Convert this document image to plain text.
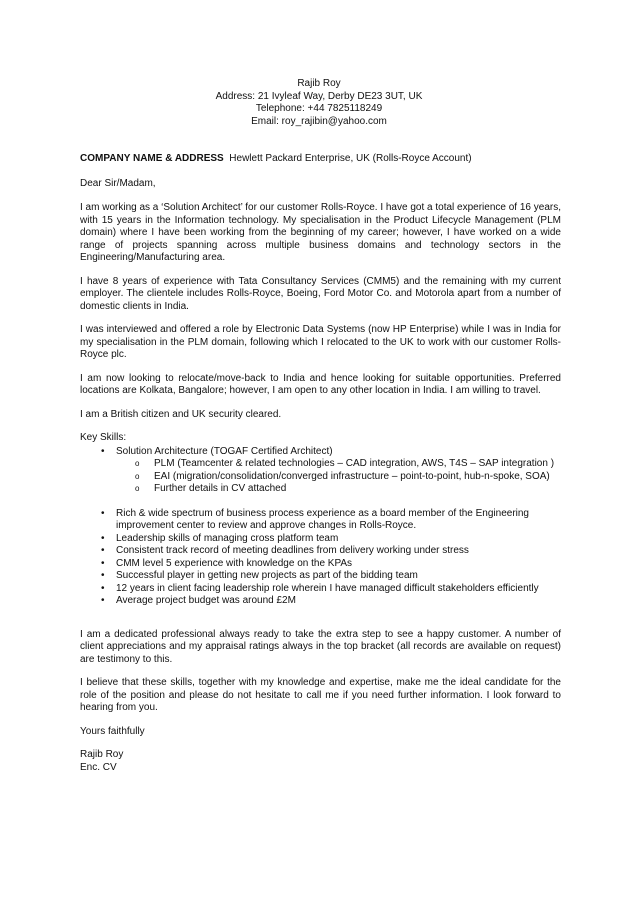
Rajib Roy
Address: 21 Ivyleaf Way, Derby DE23 3UT, UK
Telephone: +44 7825118249
Email: roy_rajibin@yahoo.com

COMPANY NAME & ADDRESS Hewlett Packard Enterprise, UK (Rolls-Royce Account)

Dear Sir/Madam,

I am working as a ‘Solution Architect’ for our customer Rolls-Royce. I have got a total experience of 16 years, with 15 years in the Information technology. My specialisation in the Product Lifecycle Management (PLM domain) where I have been working from the beginning of my career; however, I have worked on a wide range of projects spanning across multiple business domains and technology sectors in the Engineering/Manufacturing area.

I have 8 years of experience with Tata Consultancy Services (CMM5) and the remaining with my current employer. The clientele includes Rolls-Royce, Boeing, Ford Motor Co. and Motorola apart from a number of domestic clients in India.

I was interviewed and offered a role by Electronic Data Systems (now HP Enterprise) while I was in India for my specialisation in the PLM domain, following which I relocated to the UK to work with our customer Rolls-Royce plc.

I am now looking to relocate/move-back to India and hence looking for suitable opportunities. Preferred locations are Kolkata, Bangalore; however, I am open to any other location in India. I am willing to travel.

I am a British citizen and UK security cleared.

Key Skills:

• Solution Architecture (TOGAF Certified Architect)
o PLM (Teamcenter & related technologies – CAD integration, AWS, T4S – SAP integration )
o EAI (migration/consolidation/converged infrastructure – point-to-point, hub-n-spoke, SOA)
o Further details in CV attached
• Rich & wide spectrum of business process experience as a board member of the Engineering improvement center to review and approve changes in Rolls-Royce.
• Leadership skills of managing cross platform team
• Consistent track record of meeting deadlines from delivery working under stress
• CMM level 5 experience with knowledge on the KPAs
• Successful player in getting new projects as part of the bidding team
• 12 years in client facing leadership role wherein I have managed difficult stakeholders efficiently
• Average project budget was around £2M

I am a dedicated professional always ready to take the extra step to see a happy customer. A number of client appreciations and my appraisal ratings always in the top bracket (all records are available on request) are testimony to this.

I believe that these skills, together with my knowledge and expertise, make me the ideal candidate for the role of the position and please do not hesitate to call me if you need further information. I look forward to hearing from you.

Yours faithfully

Rajib Roy

Enc. CV
